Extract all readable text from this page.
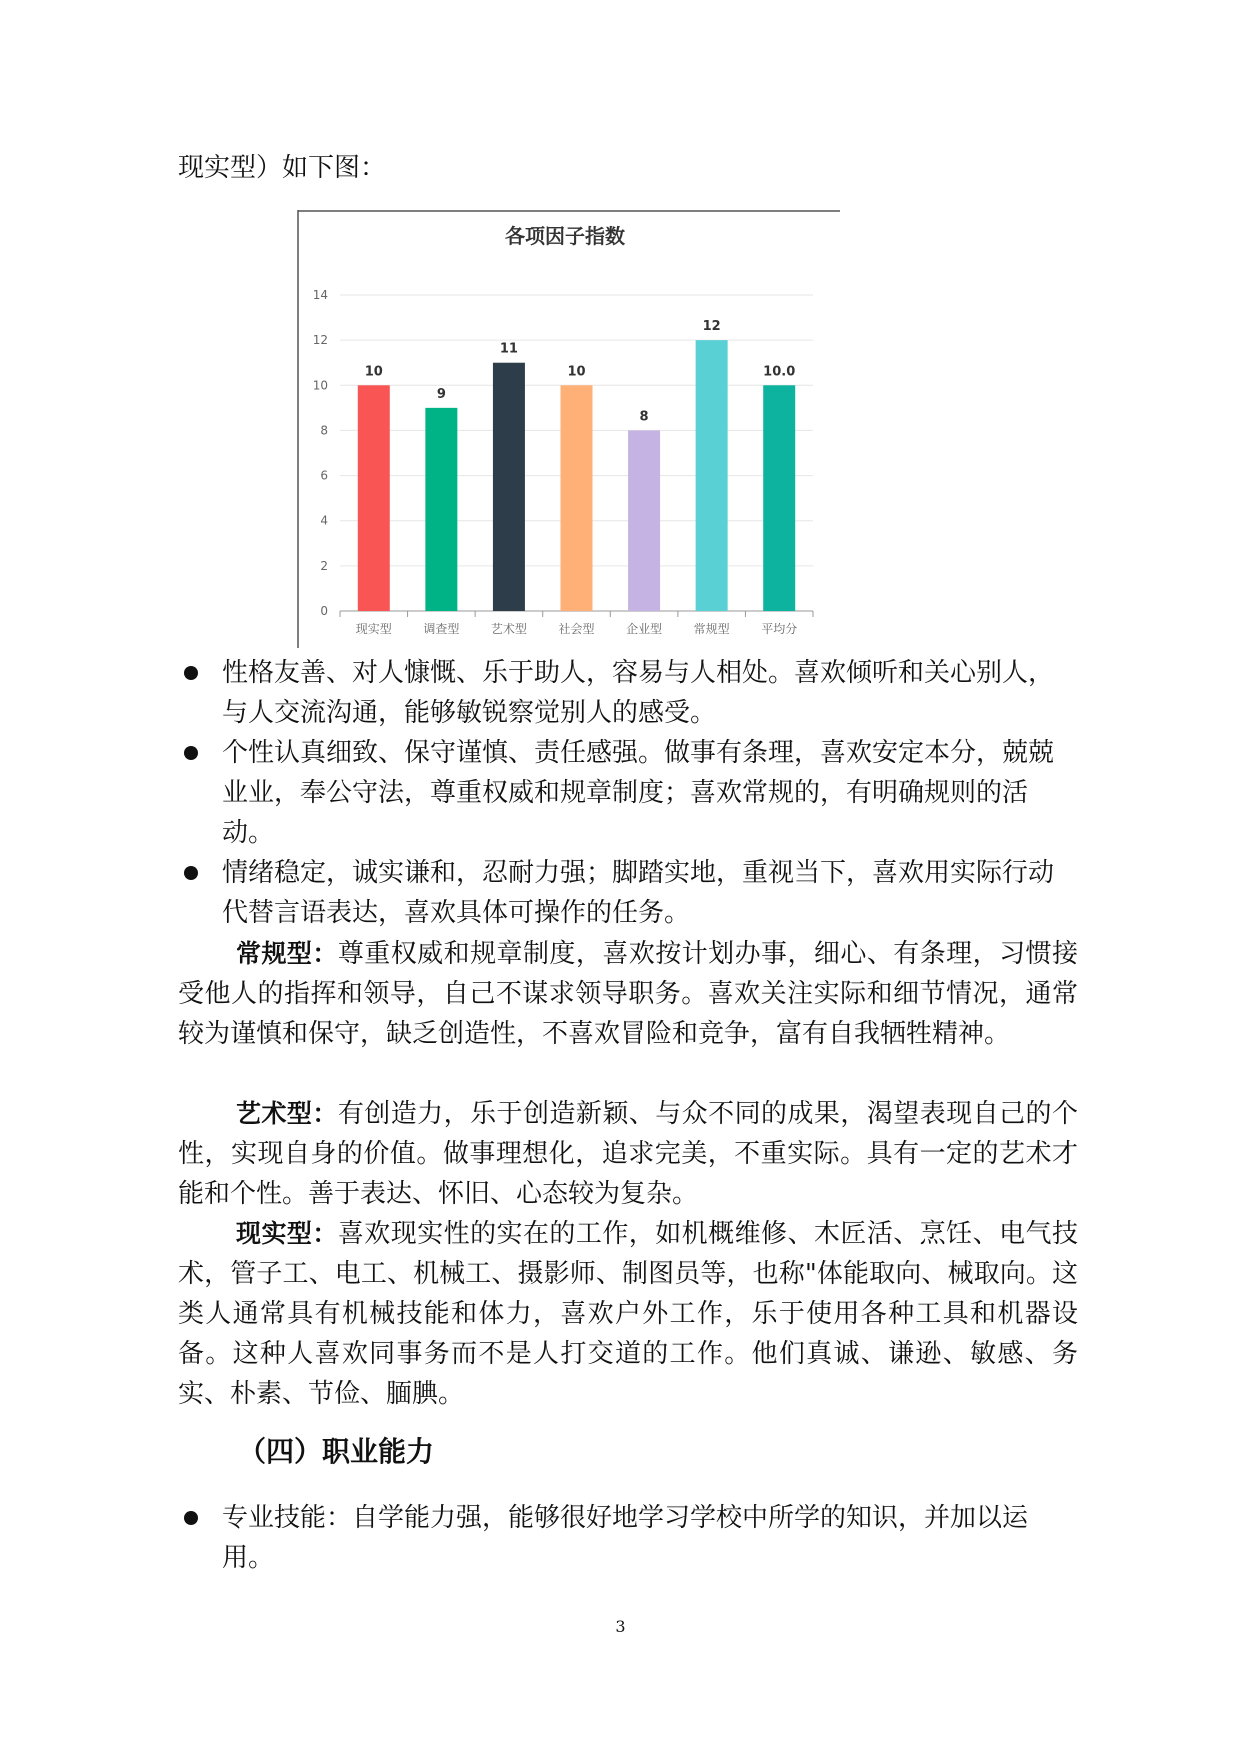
现实型）如下图：
各项因子指数
0
2
4
6
8
10
12
14
10
现实型
9
调查型
11
艺术型
10
社会型
8
企业型
12
常规型
10.0
平均分
性格友善、对人慷慨、乐于助人，容易与人相处。喜欢倾听和关心别人，与人交流沟通，能够敏锐察觉别人的感受。
个性认真细致、保守谨慎、责任感强。做事有条理，喜欢安定本分，兢兢业业，奉公守法，尊重权威和规章制度；喜欢常规的，有明确规则的活动。
情绪稳定，诚实谦和，忍耐力强；脚踏实地，重视当下，喜欢用实际行动代替言语表达，喜欢具体可操作的任务。

常规型：尊重权威和规章制度，喜欢按计划办事，细心、有条理，习惯接受他人的指挥和领导，自己不谋求领导职务。喜欢关注实际和细节情况，通常较为谨慎和保守，缺乏创造性，不喜欢冒险和竞争，富有自我牺牲精神。

艺术型：有创造力，乐于创造新颖、与众不同的成果，渴望表现自己的个性，实现自身的价值。做事理想化，追求完美，不重实际。具有一定的艺术才能和个性。善于表达、怀旧、心态较为复杂。

现实型：喜欢现实性的实在的工作，如机概维修、木匠活、烹饪、电气技术，管子工、电工、机械工、摄影师、制图员等，也称"体能取向、械取向。这类人通常具有机械技能和体力，喜欢户外工作，乐于使用各种工具和机器设备。这种人喜欢同事务而不是人打交道的工作。他们真诚、谦逊、敏感、务实、朴素、节俭、腼腆。

（四）职业能力
专业技能：自学能力强，能够很好地学习学校中所学的知识，并加以运用。
3
